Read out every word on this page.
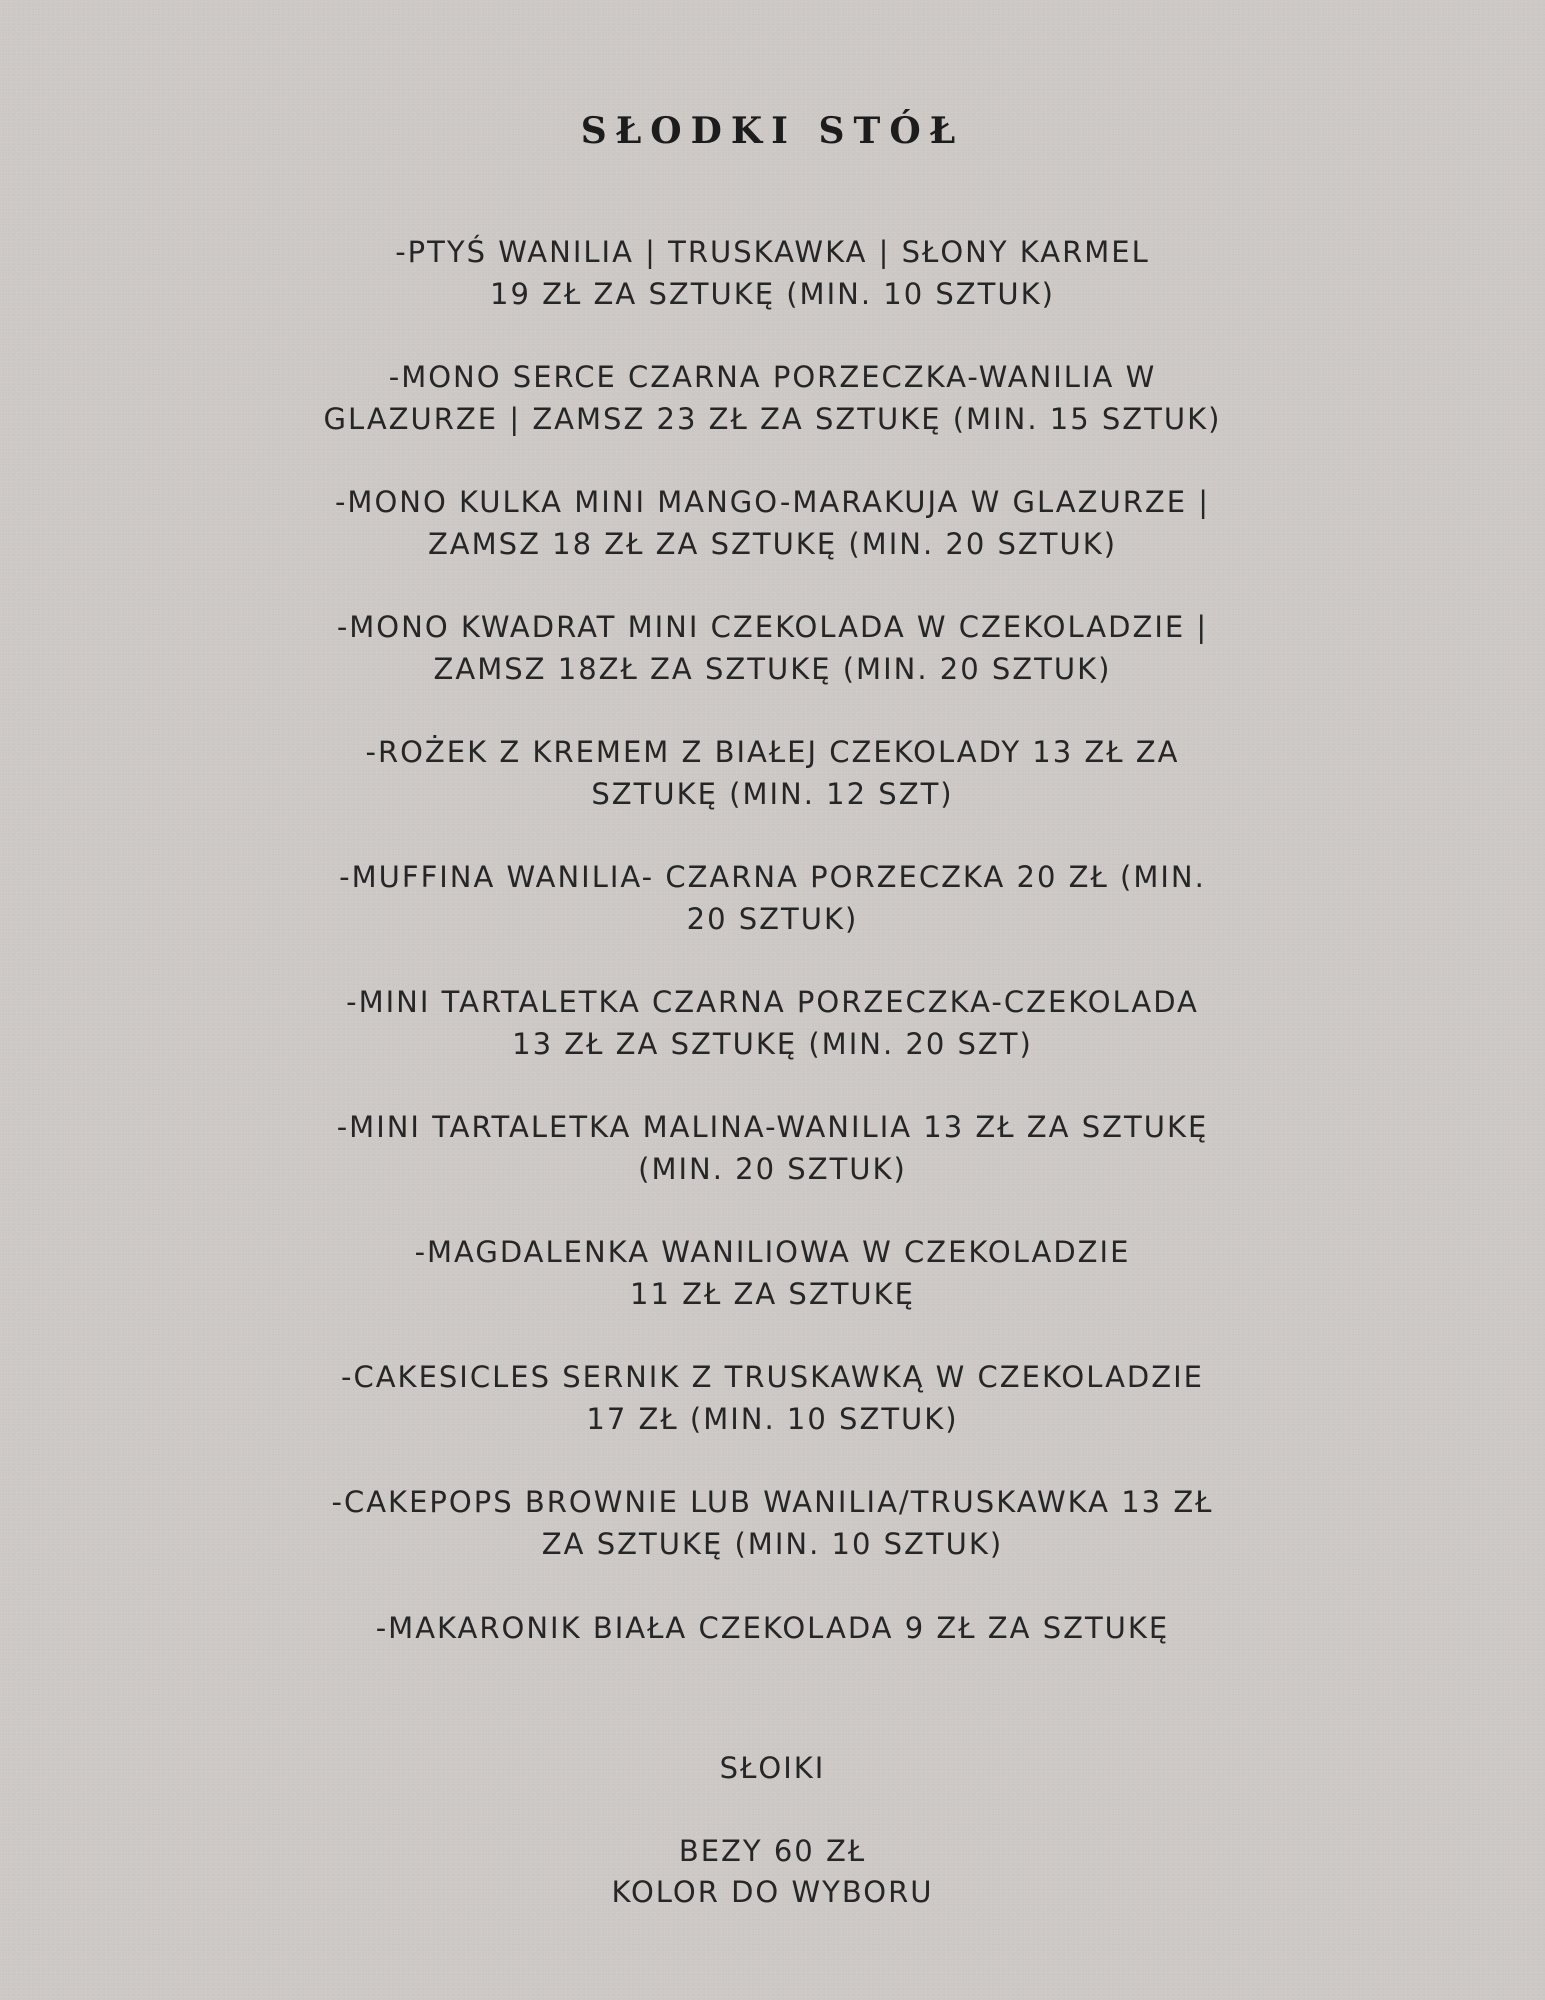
SŁODKI STÓŁ

-PTYŚ WANILIA | TRUSKAWKA | SŁONY KARMEL
19 ZŁ ZA SZTUKĘ (MIN. 10 SZTUK)

-MONO SERCE CZARNA PORZECZKA-WANILIA W
GLAZURZE | ZAMSZ 23 ZŁ ZA SZTUKĘ (MIN. 15 SZTUK)

-MONO KULKA MINI MANGO-MARAKUJA W GLAZURZE |
ZAMSZ 18 ZŁ ZA SZTUKĘ (MIN. 20 SZTUK)

-MONO KWADRAT MINI CZEKOLADA W CZEKOLADZIE |
ZAMSZ 18ZŁ ZA SZTUKĘ (MIN. 20 SZTUK)

-ROŻEK Z KREMEM Z BIAŁEJ CZEKOLADY 13 ZŁ ZA
SZTUKĘ (MIN. 12 SZT)

-MUFFINA WANILIA- CZARNA PORZECZKA 20 ZŁ (MIN.
20 SZTUK)

-MINI TARTALETKA CZARNA PORZECZKA-CZEKOLADA
13 ZŁ ZA SZTUKĘ (MIN. 20 SZT)

-MINI TARTALETKA MALINA-WANILIA 13 ZŁ ZA SZTUKĘ
(MIN. 20 SZTUK)

-MAGDALENKA WANILIOWA W CZEKOLADZIE
11 ZŁ ZA SZTUKĘ

-CAKESICLES SERNIK Z TRUSKAWKĄ W CZEKOLADZIE
17 ZŁ (MIN. 10 SZTUK)

-CAKEPOPS BROWNIE LUB WANILIA/TRUSKAWKA 13 ZŁ
ZA SZTUKĘ (MIN. 10 SZTUK)

-MAKARONIK BIAŁA CZEKOLADA 9 ZŁ ZA SZTUKĘ

SŁOIKI

BEZY 60 ZŁ

KOLOR DO WYBORU
